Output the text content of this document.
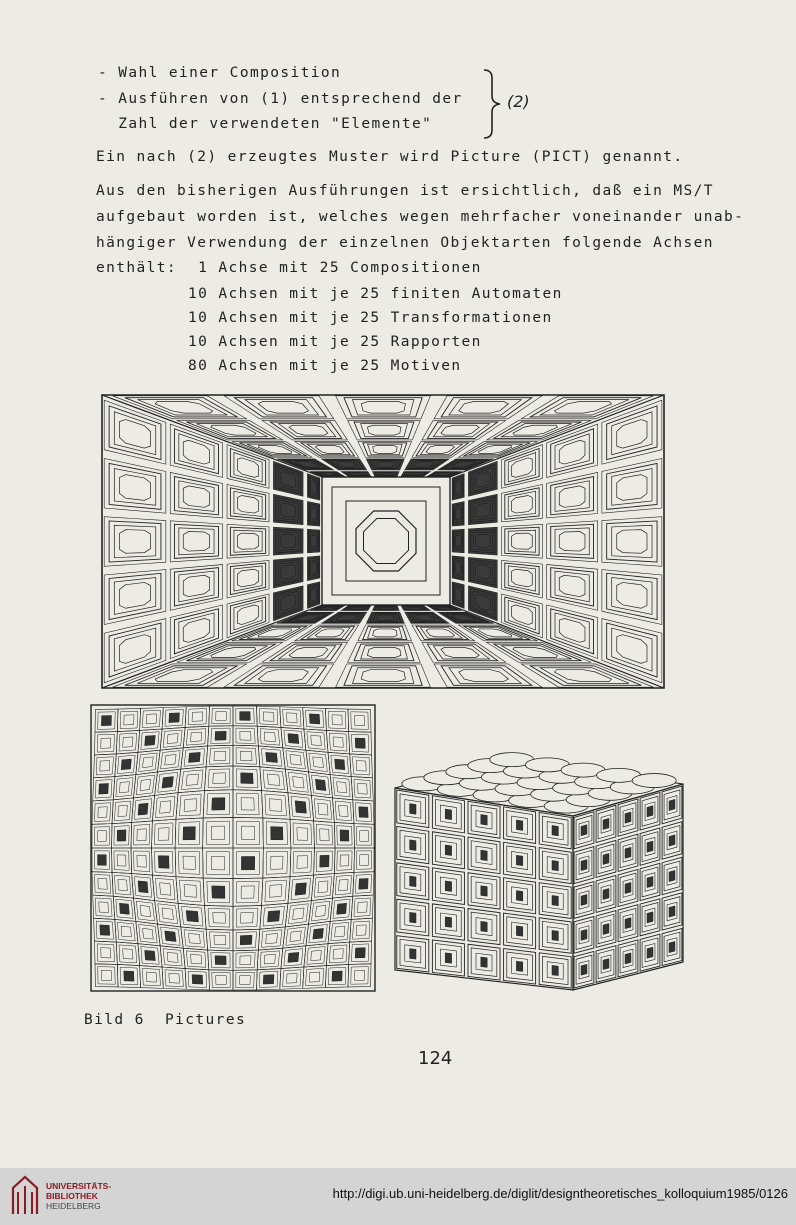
- Wahl einer Composition
- Ausführen von (1) entsprechend der
Zahl der verwendeten "Elemente"
(2)
Ein nach (2) erzeugtes Muster wird Picture (PICT) genannt.
Aus den bisherigen Ausführungen ist ersichtlich, daß ein MS/T
aufgebaut worden ist, welches wegen mehrfacher voneinander unab-
hängiger Verwendung der einzelnen Objektarten folgende Achsen
enthält: 1 Achse mit 25 Compositionen
10 Achsen mit je 25 finiten Automaten
10 Achsen mit je 25 Transformationen
10 Achsen mit je 25 Rapporten
80 Achsen mit je 25 Motiven
Bild 6  Pictures
124
UNIVERSITÄTS-
BIBLIOTHEK
HEIDELBERG
http://digi.ub.uni-heidelberg.de/diglit/designtheoretisches_kolloquium1985/0126
